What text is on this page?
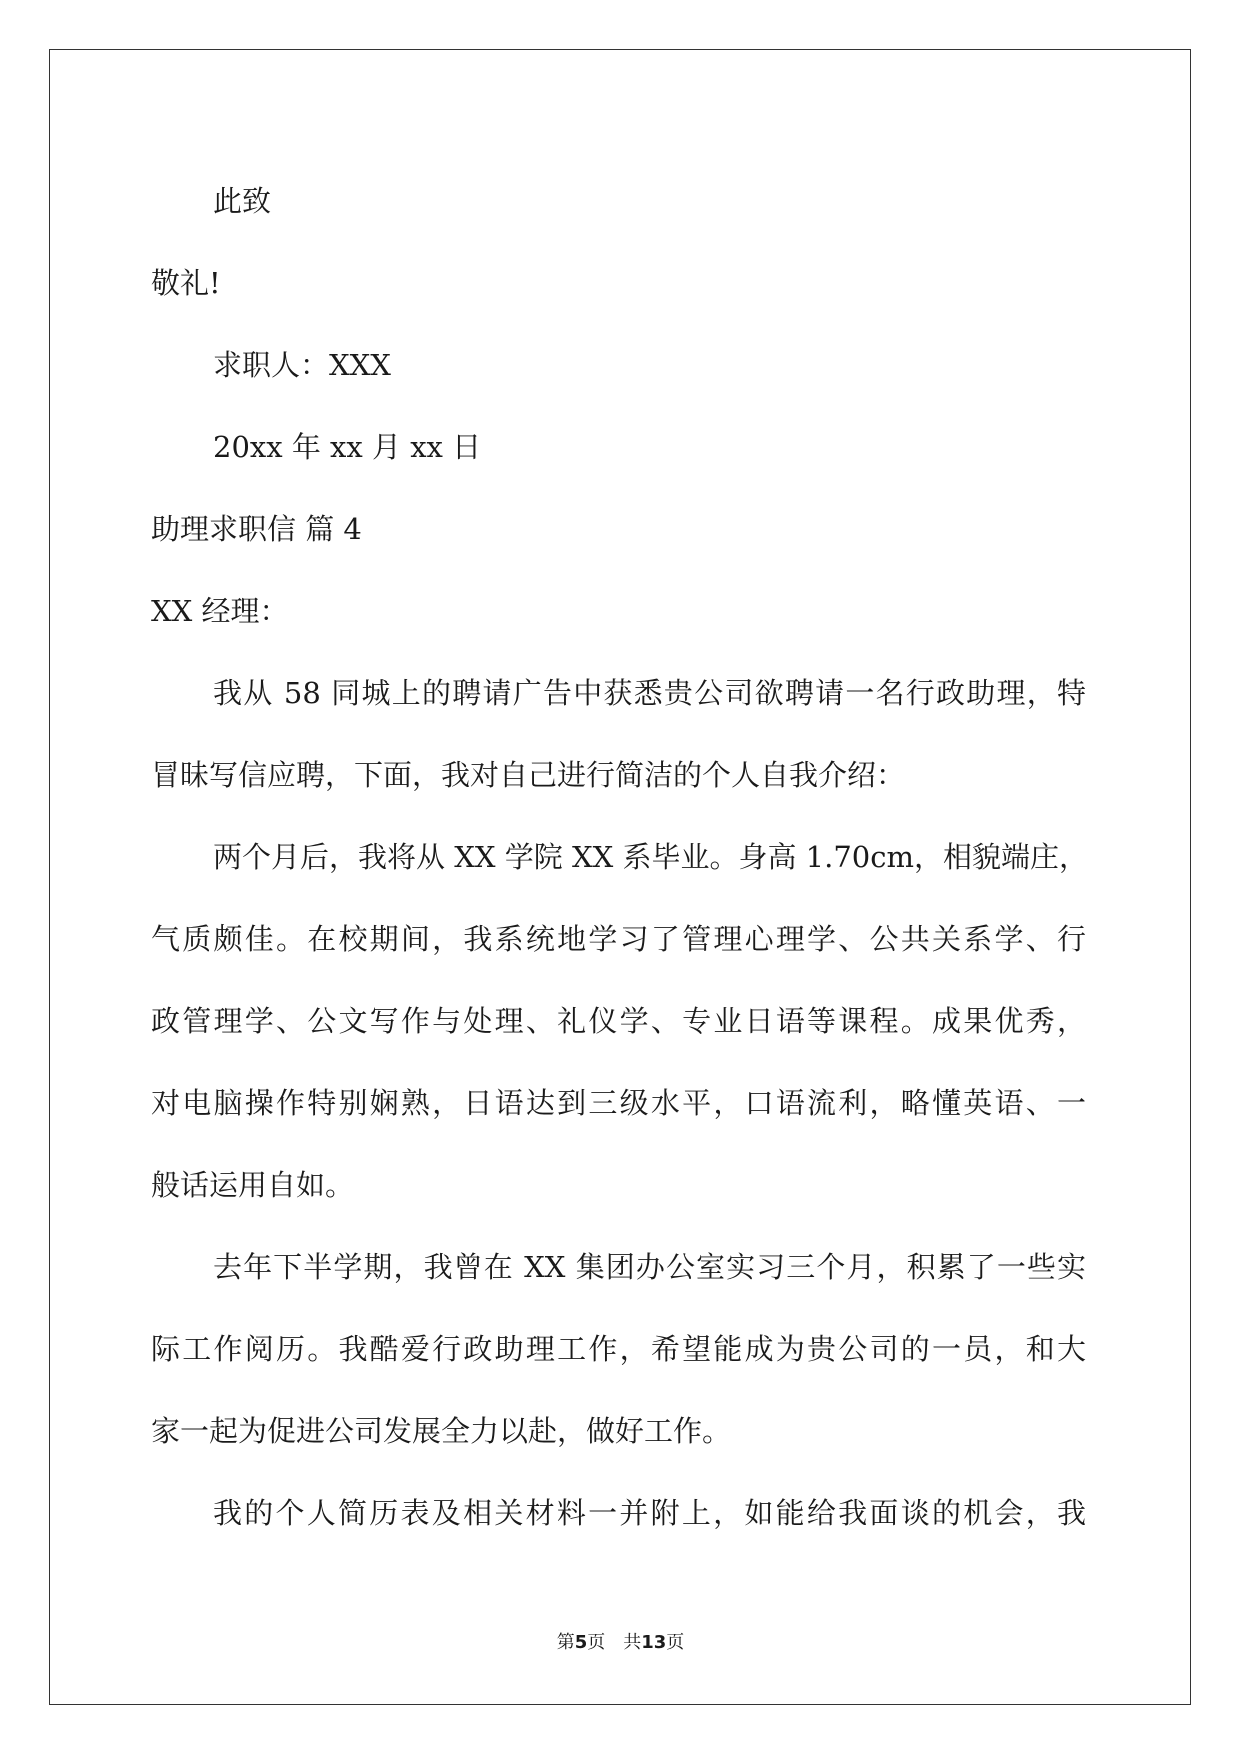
此致

敬礼!

求职人：XXX

20xx 年 xx 月 xx 日

助理求职信 篇 4

XX 经理：

我从 58 同城上的聘请广告中获悉贵公司欲聘请一名行政助理，特

冒昧写信应聘，下面，我对自己进行简洁的个人自我介绍：

两个月后，我将从 XX 学院 XX 系毕业。身高 1.70cm，相貌端庄，

气质颇佳。在校期间，我系统地学习了管理心理学、公共关系学、行

政管理学、公文写作与处理、礼仪学、专业日语等课程。成果优秀，

对电脑操作特别娴熟，日语达到三级水平，口语流利，略懂英语、一

般话运用自如。

去年下半学期，我曾在 XX 集团办公室实习三个月，积累了一些实

际工作阅历。我酷爱行政助理工作，希望能成为贵公司的一员，和大

家一起为促进公司发展全力以赴，做好工作。

我的个人简历表及相关材料一并附上，如能给我面谈的机会，我

第5页 共13页
